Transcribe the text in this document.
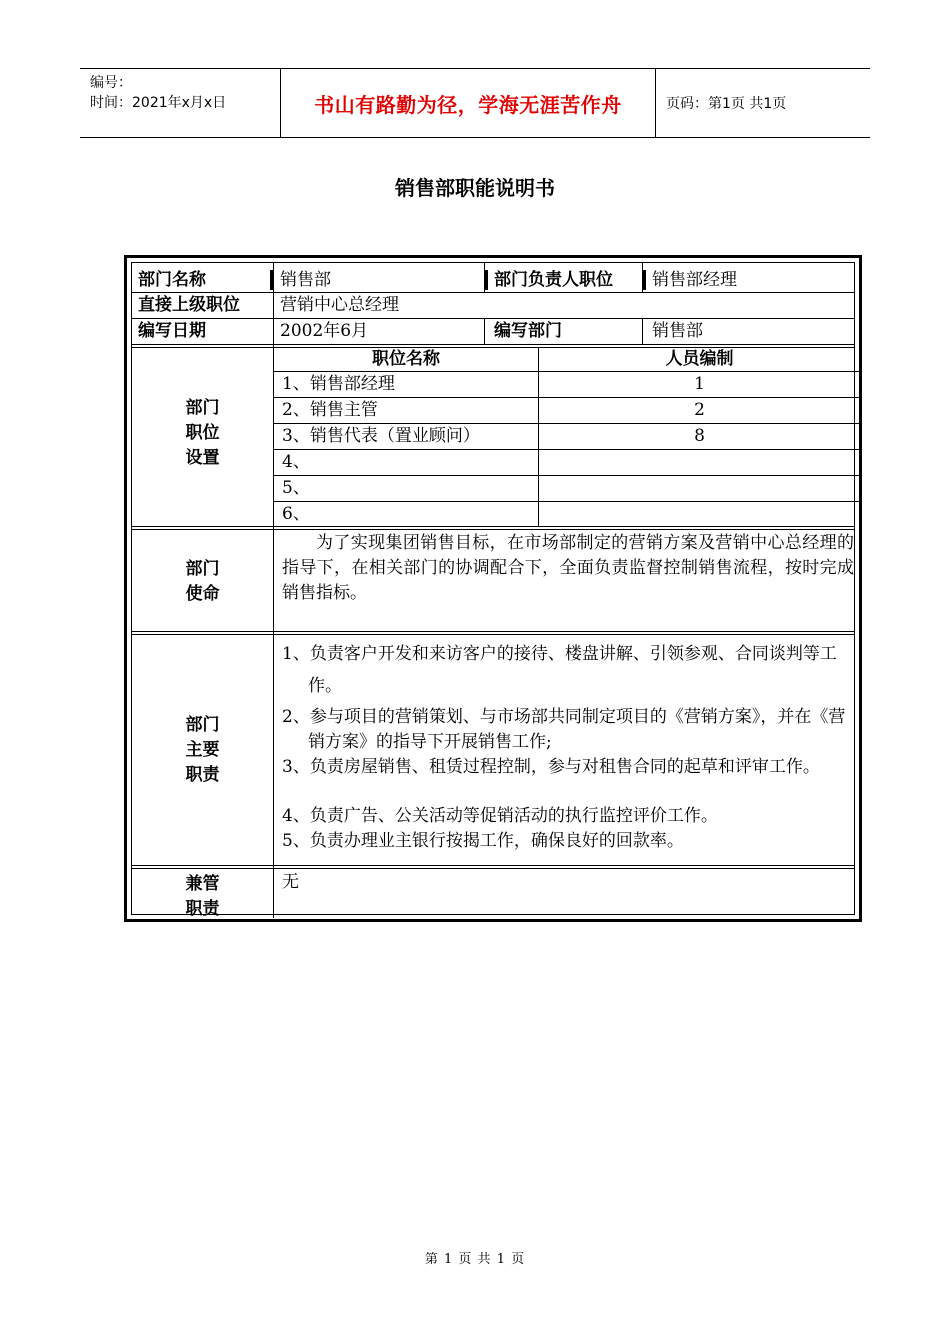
编号：
时间：2021年x月x日	书山有路勤为径，学海无涯苦作舟	页码：第1页 共1页
销售部职能说明书
部门名称	销售部	部门负责人职位	销售部经理
直接上级职位	营销中心总经理
编写日期	2002年6月	编写部门	销售部
部门
职位
设置
职位名称	人员编制
1、销售部经理	1
2、销售主管	2
3、销售代表（置业顾问）	8
4、
5、
6、
部门
使命
为了实现集团销售目标，在市场部制定的营销方案及营销中心总经理的指导下，在相关部门的协调配合下，全面负责监督控制销售流程，按时完成销售指标。
部门
主要
职责
1、负责客户开发和来访客户的接待、楼盘讲解、引领参观、合同谈判等工作。
2、参与项目的营销策划、与市场部共同制定项目的《营销方案》，并在《营销方案》的指导下开展销售工作;
3、负责房屋销售、租赁过程控制，参与对租售合同的起草和评审工作。
4、负责广告、公关活动等促销活动的执行监控评价工作。
5、负责办理业主银行按揭工作，确保良好的回款率。
兼管
职责
无
第 1 页 共 1 页
